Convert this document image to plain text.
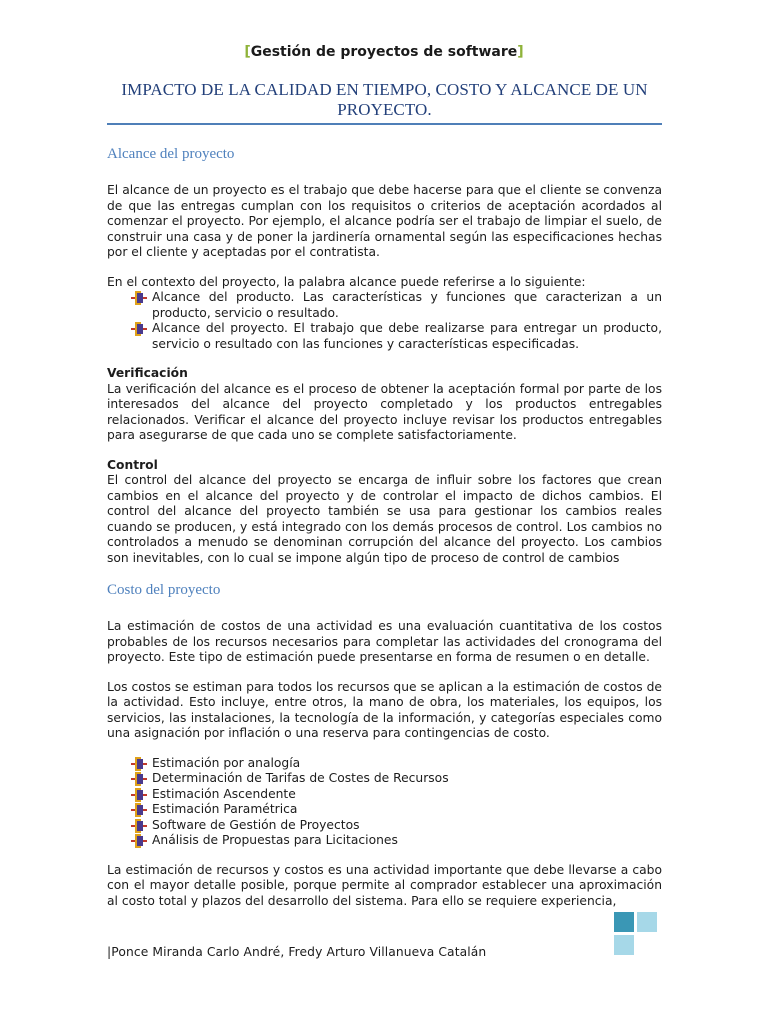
[Gestión de proyectos de software]
IMPACTO DE LA CALIDAD EN TIEMPO, COSTO Y ALCANCE DE UN PROYECTO.
Alcance del proyecto

El alcance de un proyecto es el trabajo que debe hacerse para que el cliente se convenza de que las entregas cumplan con los requisitos o criterios de aceptación acordados al comenzar el proyecto. Por ejemplo, el alcance podría ser el trabajo de limpiar el suelo, de construir una casa y de poner la jardinería ornamental según las especificaciones hechas por el cliente y aceptadas por el contratista.

En el contexto del proyecto, la palabra alcance puede referirse a lo siguiente:

Alcance del producto. Las características y funciones que caracterizan a un producto, servicio o resultado.
Alcance del proyecto. El trabajo que debe realizarse para entregar un producto, servicio o resultado con las funciones y características especificadas.
Verificación

La verificación del alcance es el proceso de obtener la aceptación formal por parte de los interesados del alcance del proyecto completado y los productos entregables relacionados. Verificar el alcance del proyecto incluye revisar los productos entregables para asegurarse de que cada uno se complete satisfactoriamente.

Control

El control del alcance del proyecto se encarga de influir sobre los factores que crean cambios en el alcance del proyecto y de controlar el impacto de dichos cambios. El control del alcance del proyecto también se usa para gestionar los cambios reales cuando se producen, y está integrado con los demás procesos de control. Los cambios no controlados a menudo se denominan corrupción del alcance del proyecto. Los cambios son inevitables, con lo cual se impone algún tipo de proceso de control de cambios

Costo del proyecto

La estimación de costos de una actividad es una evaluación cuantitativa de los costos probables de los recursos necesarios para completar las actividades del cronograma del proyecto. Este tipo de estimación puede presentarse en forma de resumen o en detalle.

Los costos se estiman para todos los recursos que se aplican a la estimación de costos de la actividad. Esto incluye, entre otros, la mano de obra, los materiales, los equipos, los servicios, las instalaciones, la tecnología de la información, y categorías especiales como una asignación por inflación o una reserva para contingencias de costo.

Estimación por analogía
Determinación de Tarifas de Costes de Recursos
Estimación Ascendente
Estimación Paramétrica
Software de Gestión de Proyectos
Análisis de Propuestas para Licitaciones

La estimación de recursos y costos es una actividad importante que debe llevarse a cabo con el mayor detalle posible, porque permite al comprador establecer una aproximación al costo total y plazos del desarrollo del sistema. Para ello se requiere experiencia,

|Ponce Miranda Carlo André, Fredy Arturo Villanueva Catalán
